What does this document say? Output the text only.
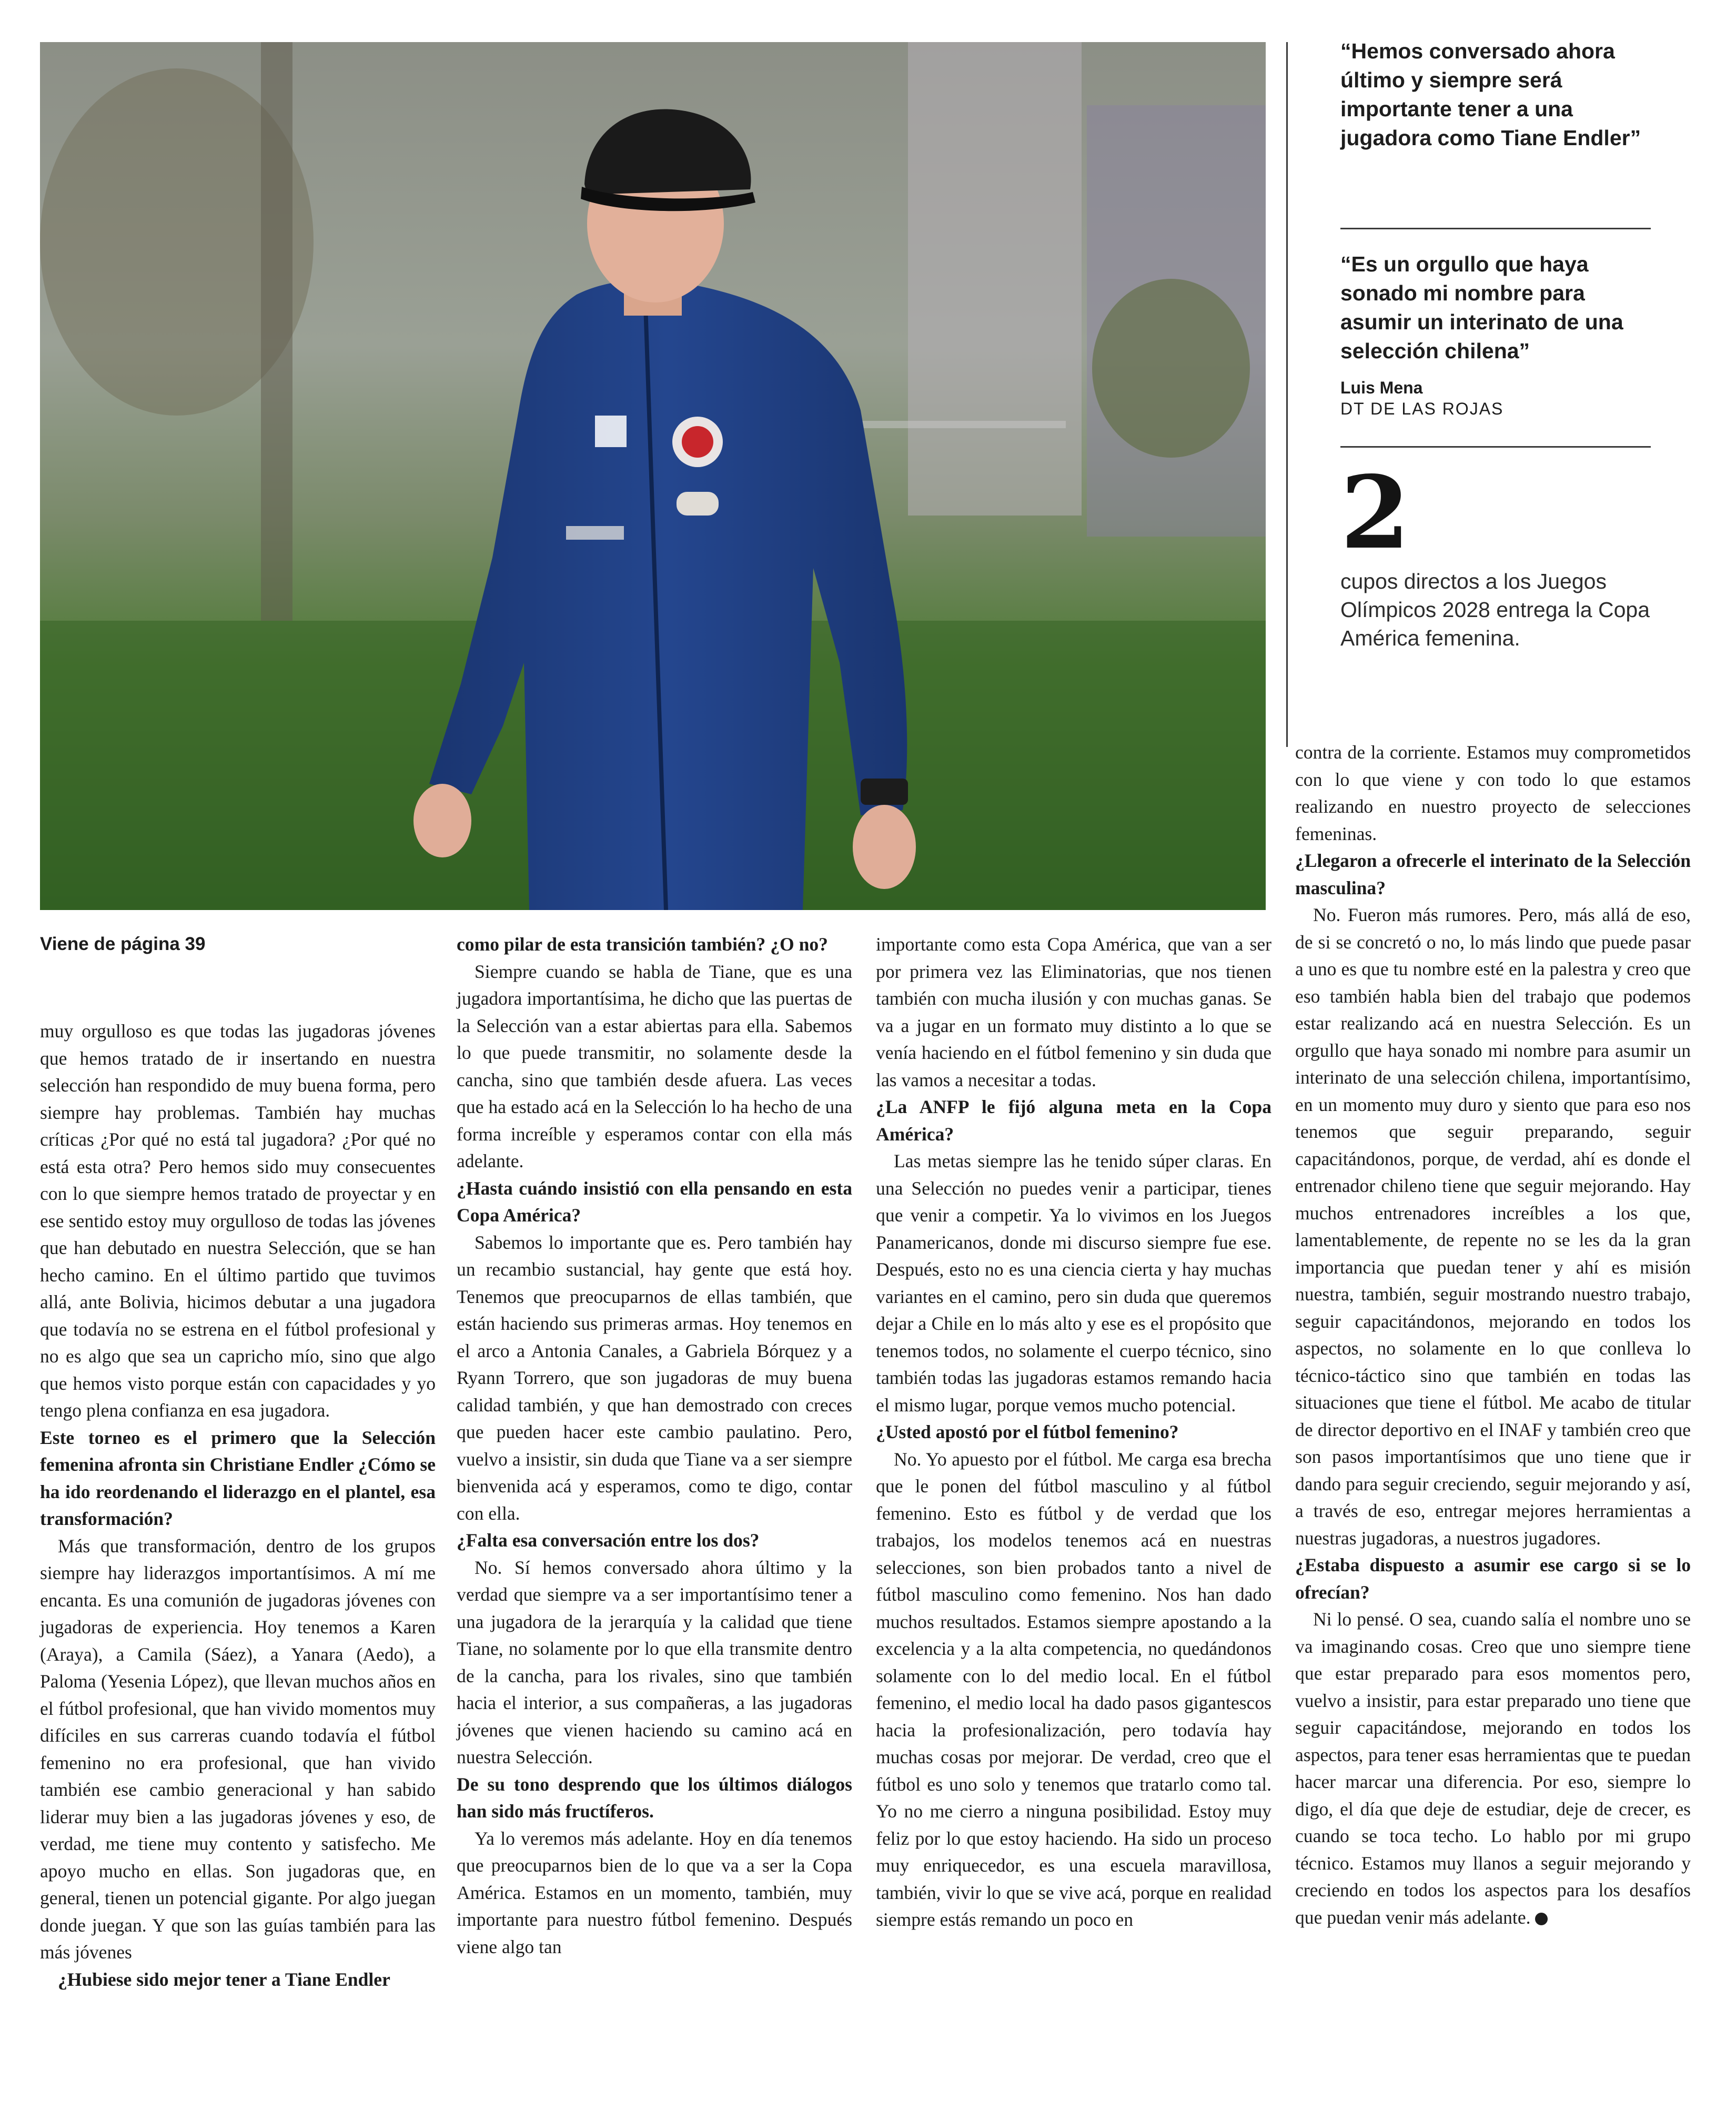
“Hemos conversado ahora último y siempre será importante tener a una jugadora como Tiane Endler”

“Es un orgullo que haya sonado mi nombre para asumir un interinato de una selección chilena”

Luis Mena

DT DE LAS ROJAS

2

cupos directos a los Juegos Olímpicos 2028 entrega la Copa América femenina.

Viene de página 39

muy orgulloso es que todas las jugadoras jóvenes que hemos tratado de ir insertando en nuestra selección han respondido de muy buena forma, pero siempre hay problemas. También hay muchas críticas ¿Por qué no está tal jugadora? ¿Por qué no está esta otra? Pero hemos sido muy consecuentes con lo que siempre hemos tratado de proyectar y en ese sentido estoy muy orgulloso de todas las jóvenes que han debutado en nuestra Selección, que se han hecho camino. En el último partido que tuvimos allá, ante Bolivia, hicimos debutar a una jugadora que todavía no se estrena en el fútbol profesional y no es algo que sea un capricho mío, sino que algo que hemos visto porque están con capacidades y yo tengo plena confianza en esa jugadora.

Este torneo es el primero que la Selección femenina afronta sin Christiane Endler ¿Cómo se ha ido reordenando el liderazgo en el plantel, esa transformación?

Más que transformación, dentro de los grupos siempre hay liderazgos importantísimos. A mí me encanta. Es una comunión de jugadoras jóvenes con jugadoras de experiencia. Hoy tenemos a Karen (Araya), a Camila (Sáez), a Yanara (Aedo), a Paloma (Yesenia López), que llevan muchos años en el fútbol profesional, que han vivido momentos muy difíciles en sus carreras cuando todavía el fútbol femenino no era profesional, que han vivido también ese cambio generacional y han sabido liderar muy bien a las jugadoras jóvenes y eso, de verdad, me tiene muy contento y satisfecho. Me apoyo mucho en ellas. Son jugadoras que, en general, tienen un potencial gigante. Por algo juegan donde juegan. Y que son las guías también para las más jóvenes

¿Hubiese sido mejor tener a Tiane Endler

como pilar de esta transición también? ¿O no?

Siempre cuando se habla de Tiane, que es una jugadora importantísima, he dicho que las puertas de la Selección van a estar abiertas para ella. Sabemos lo que puede transmitir, no solamente desde la cancha, sino que también desde afuera. Las veces que ha estado acá en la Selección lo ha hecho de una forma increíble y esperamos contar con ella más adelante.

¿Hasta cuándo insistió con ella pensando en esta Copa América?

Sabemos lo importante que es. Pero también hay un recambio sustancial, hay gente que está hoy. Tenemos que preocuparnos de ellas también, que están haciendo sus primeras armas. Hoy tenemos en el arco a Antonia Canales, a Gabriela Bórquez y a Ryann Torrero, que son jugadoras de muy buena calidad también, y que han demostrado con creces que pueden hacer este cambio paulatino. Pero, vuelvo a insistir, sin duda que Tiane va a ser siempre bienvenida acá y esperamos, como te digo, contar con ella.

¿Falta esa conversación entre los dos?

No. Sí hemos conversado ahora último y la verdad que siempre va a ser importantísimo tener a una jugadora de la jerarquía y la calidad que tiene Tiane, no solamente por lo que ella transmite dentro de la cancha, para los rivales, sino que también hacia el interior, a sus compañeras, a las jugadoras jóvenes que vienen haciendo su camino acá en nuestra Selección.

De su tono desprendo que los últimos diálogos han sido más fructíferos.

Ya lo veremos más adelante. Hoy en día tenemos que preocuparnos bien de lo que va a ser la Copa América. Estamos en un momento, también, muy importante para nuestro fútbol femenino. Después viene algo tan

importante como esta Copa América, que van a ser por primera vez las Eliminatorias, que nos tienen también con mucha ilusión y con muchas ganas. Se va a jugar en un formato muy distinto a lo que se venía haciendo en el fútbol femenino y sin duda que las vamos a necesitar a todas.

¿La ANFP le fijó alguna meta en la Copa América?

Las metas siempre las he tenido súper claras. En una Selección no puedes venir a participar, tienes que venir a competir. Ya lo vivimos en los Juegos Panamericanos, donde mi discurso siempre fue ese. Después, esto no es una ciencia cierta y hay muchas variantes en el camino, pero sin duda que queremos dejar a Chile en lo más alto y ese es el propósito que tenemos todos, no solamente el cuerpo técnico, sino también todas las jugadoras estamos remando hacia el mismo lugar, porque vemos mucho potencial.

¿Usted apostó por el fútbol femenino?

No. Yo apuesto por el fútbol. Me carga esa brecha que le ponen del fútbol masculino y al fútbol femenino. Esto es fútbol y de verdad que los trabajos, los modelos tenemos acá en nuestras selecciones, son bien probados tanto a nivel de fútbol masculino como femenino. Nos han dado muchos resultados. Estamos siempre apostando a la excelencia y a la alta competencia, no quedándonos solamente con lo del medio local. En el fútbol femenino, el medio local ha dado pasos gigantescos hacia la profesionalización, pero todavía hay muchas cosas por mejorar. De verdad, creo que el fútbol es uno solo y tenemos que tratarlo como tal. Yo no me cierro a ninguna posibilidad. Estoy muy feliz por lo que estoy haciendo. Ha sido un proceso muy enriquecedor, es una escuela maravillosa, también, vivir lo que se vive acá, porque en realidad siempre estás remando un poco en

contra de la corriente. Estamos muy comprometidos con lo que viene y con todo lo que estamos realizando en nuestro proyecto de selecciones femeninas.

¿Llegaron a ofrecerle el interinato de la Selección masculina?

No. Fueron más rumores. Pero, más allá de eso, de si se concretó o no, lo más lindo que puede pasar a uno es que tu nombre esté en la palestra y creo que eso también habla bien del trabajo que podemos estar realizando acá en nuestra Selección. Es un orgullo que haya sonado mi nombre para asumir un interinato de una selección chilena, importantísimo, en un momento muy duro y siento que para eso nos tenemos que seguir preparando, seguir capacitándonos, porque, de verdad, ahí es donde el entrenador chileno tiene que seguir mejorando. Hay muchos entrenadores increíbles a los que, lamentablemente, de repente no se les da la gran importancia que puedan tener y ahí es misión nuestra, también, seguir mostrando nuestro trabajo, seguir capacitándonos, mejorando en todos los aspectos, no solamente en lo que conlleva lo técnico-táctico sino que también en todas las situaciones que tiene el fútbol. Me acabo de titular de director deportivo en el INAF y también creo que son pasos importantísimos que uno tiene que ir dando para seguir creciendo, seguir mejorando y así, a través de eso, entregar mejores herramientas a nuestras jugadoras, a nuestros jugadores.

¿Estaba dispuesto a asumir ese cargo si se lo ofrecían?

Ni lo pensé. O sea, cuando salía el nombre uno se va imaginando cosas. Creo que uno siempre tiene que estar preparado para esos momentos pero, vuelvo a insistir, para estar preparado uno tiene que seguir capacitándose, mejorando en todos los aspectos, para tener esas herramientas que te puedan hacer marcar una diferencia. Por eso, siempre lo digo, el día que deje de estudiar, deje de crecer, es cuando se toca techo. Lo hablo por mi grupo técnico. Estamos muy llanos a seguir mejorando y creciendo en todos los aspectos para los desafíos que puedan venir más adelante.	D
